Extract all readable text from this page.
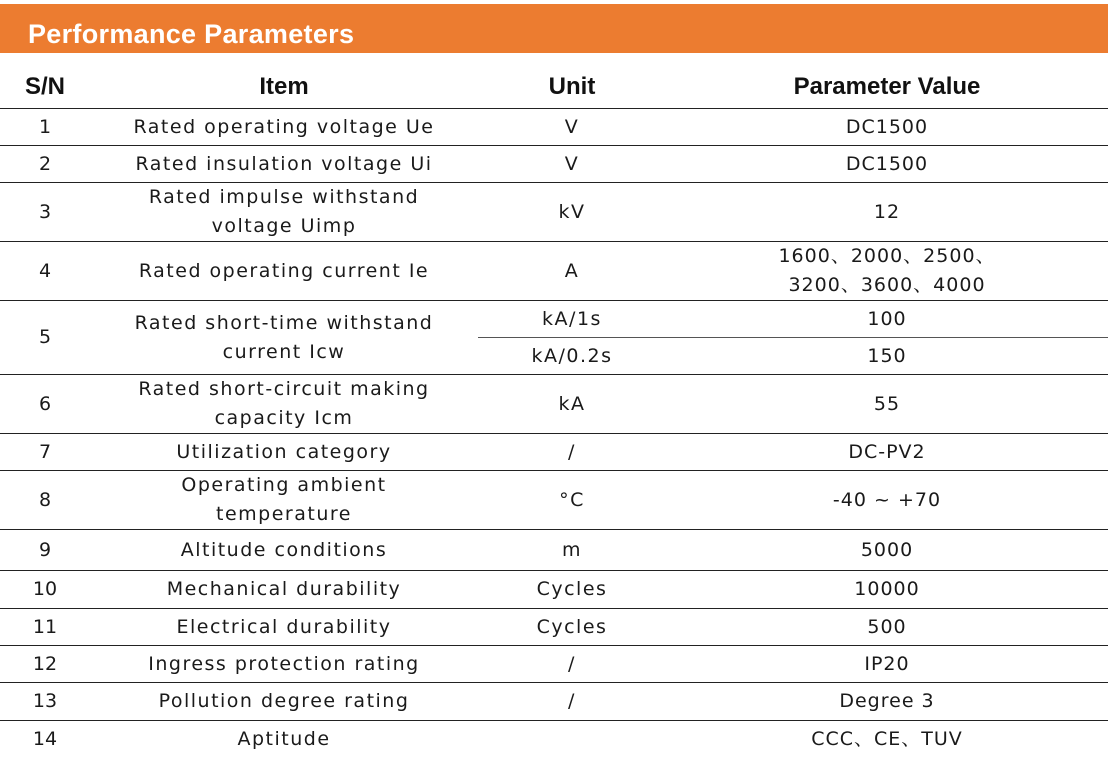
Performance Parameters
S/N	Item	Unit	Parameter Value
1	Rated operating voltage Ue	V	DC1500
2	Rated insulation voltage Ui	V	DC1500
3	Rated impulse withstand voltage Uimp	kV	12
4	Rated operating current Ie	A	1600、2000、2500、3200、3600、4000
5	Rated short-time withstand current Icw	kA/1s	100
		kA/0.2s	150
6	Rated short-circuit making capacity Icm	kA	55
7	Utilization category	/	DC-PV2
8	Operating ambient temperature	°C	-40 ~ +70
9	Altitude conditions	m	5000
10	Mechanical durability	Cycles	10000
11	Electrical durability	Cycles	500
12	Ingress protection rating	/	IP20
13	Pollution degree rating	/	Degree 3
14	Aptitude		CCC、CE、TUV
